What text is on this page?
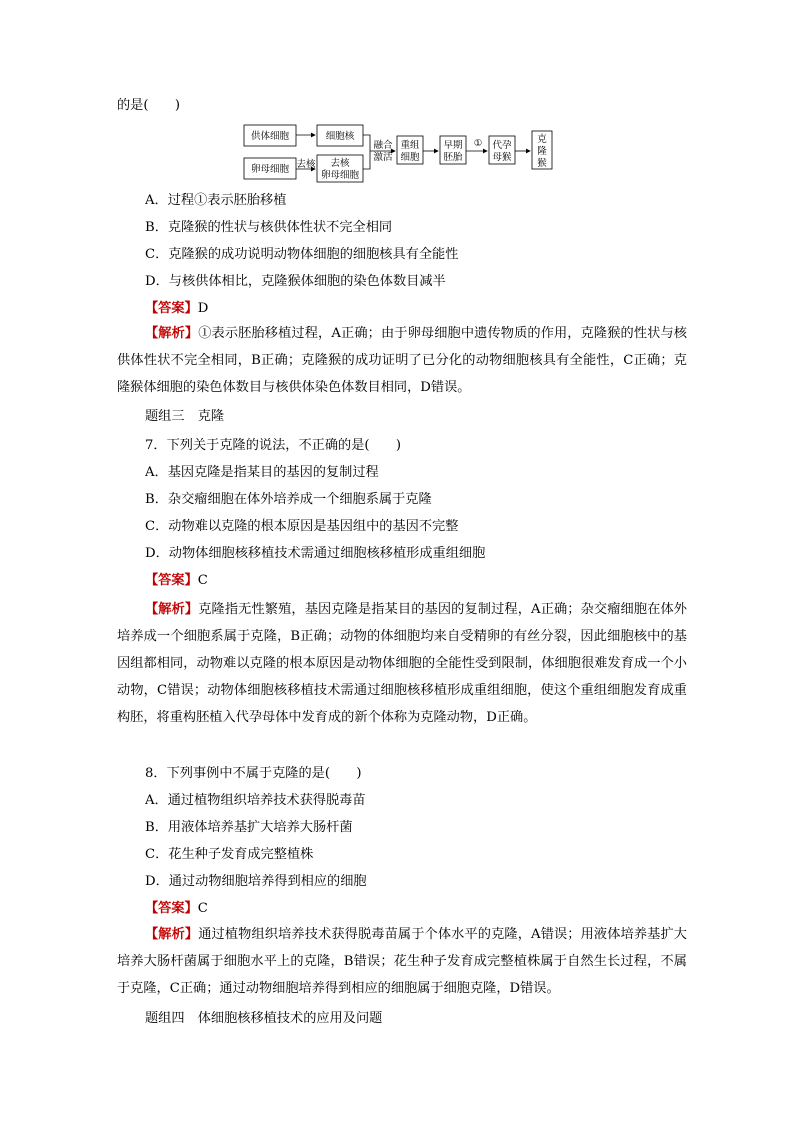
的是(　　)
供体细胞	细胞核
卵母细胞 去核 去核
卵母细胞
融合
激活
重组
细胞
早期
胚胎
① 代孕
母猴
克
隆
猴
A．过程①表示胚胎移植
B．克隆猴的性状与核供体性状不完全相同
C．克隆猴的成功说明动物体细胞的细胞核具有全能性
D．与核供体相比，克隆猴体细胞的染色体数目减半
【答案】D
【解析】①表示胚胎移植过程，A正确；由于卵母细胞中遗传物质的作用，克隆猴的性状与核供体性状不完全相同，B正确；克隆猴的成功证明了已分化的动物细胞核具有全能性，C正确；克隆猴体细胞的染色体数目与核供体染色体数目相同，D错误。
题组三　克隆
7．下列关于克隆的说法，不正确的是(　　)
A．基因克隆是指某目的基因的复制过程
B．杂交瘤细胞在体外培养成一个细胞系属于克隆
C．动物难以克隆的根本原因是基因组中的基因不完整
D．动物体细胞核移植技术需通过细胞核移植形成重组细胞
【答案】C
【解析】克隆指无性繁殖，基因克隆是指某目的基因的复制过程，A正确；杂交瘤细胞在体外培养成一个细胞系属于克隆，B正确；动物的体细胞均来自受精卵的有丝分裂，因此细胞核中的基因组都相同，动物难以克隆的根本原因是动物体细胞的全能性受到限制，体细胞很难发育成一个小动物，C错误；动物体细胞核移植技术需通过细胞核移植形成重组细胞，使这个重组细胞发育成重构胚，将重构胚植入代孕母体中发育成的新个体称为克隆动物，D正确。
8．下列事例中不属于克隆的是(　　)
A．通过植物组织培养技术获得脱毒苗
B．用液体培养基扩大培养大肠杆菌
C．花生种子发育成完整植株
D．通过动物细胞培养得到相应的细胞
【答案】C
【解析】通过植物组织培养技术获得脱毒苗属于个体水平的克隆，A错误；用液体培养基扩大培养大肠杆菌属于细胞水平上的克隆，B错误；花生种子发育成完整植株属于自然生长过程，不属于克隆，C正确；通过动物细胞培养得到相应的细胞属于细胞克隆，D错误。
题组四　体细胞核移植技术的应用及问题
